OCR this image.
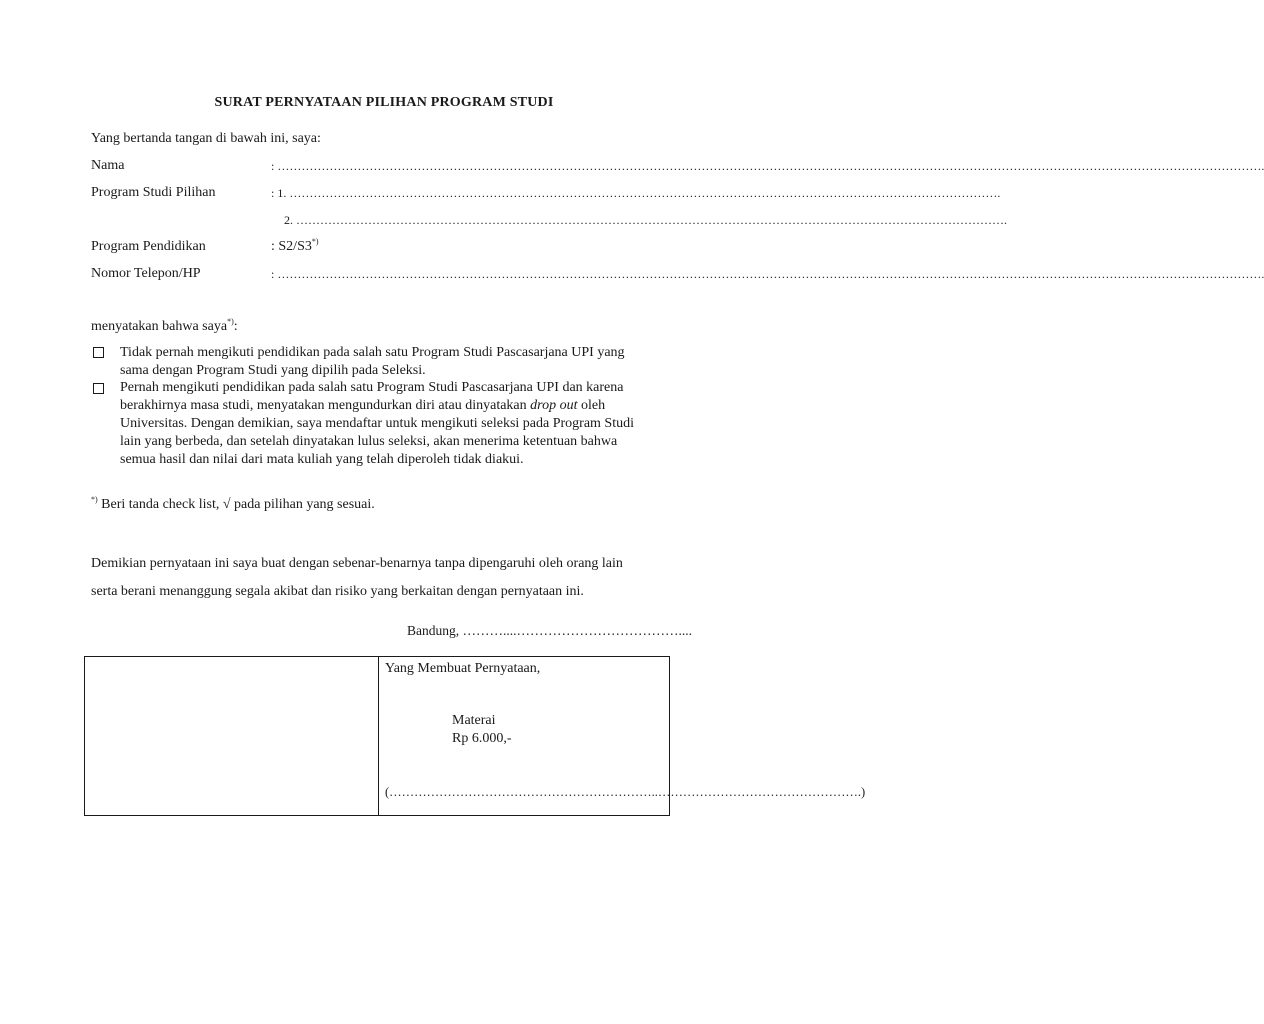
SURAT PERNYATAAN PILIHAN PROGRAM STUDI
Yang bertanda tangan di bawah ini, saya:
Nama	: ………………………………………………………………………………………………………………………………………………………………………………………………………………………….
Program Studi Pilihan	: 1. …………………………………………………………………………………………………………………………………………………………….
2. …………………………………………………………………………………………………………………………………………………………….
Program Pendidikan	: S2/S3*)
Nomor Telepon/HP	: ………………………………………………………………………………………………………………………………………………………………………………………………………………………….
menyatakan bahwa saya*):
Tidak pernah mengikuti pendidikan pada salah satu Program Studi Pascasarjana UPI yang
sama dengan Program Studi yang dipilih pada Seleksi.
Pernah mengikuti pendidikan pada salah satu Program Studi Pascasarjana UPI dan karena
berakhirnya masa studi, menyatakan mengundurkan diri atau dinyatakan drop out oleh
Universitas. Dengan demikian, saya mendaftar untuk mengikuti seleksi pada Program Studi
lain yang berbeda, dan setelah dinyatakan lulus seleksi, akan menerima ketentuan bahwa
semua hasil dan nilai dari mata kuliah yang telah diperoleh tidak diakui.
*) Beri tanda check list, √ pada pilihan yang sesuai.
Demikian pernyataan ini saya buat dengan sebenar-benarnya tanpa dipengaruhi oleh orang lain
serta berani menanggung segala akibat dan risiko yang berkaitan dengan pernyataan ini.
Bandung, ………....………………………………....
Yang Membuat Pernyataan,
Materai
Rp 6.000,-
(………………………………………………………..………………………………………….)
